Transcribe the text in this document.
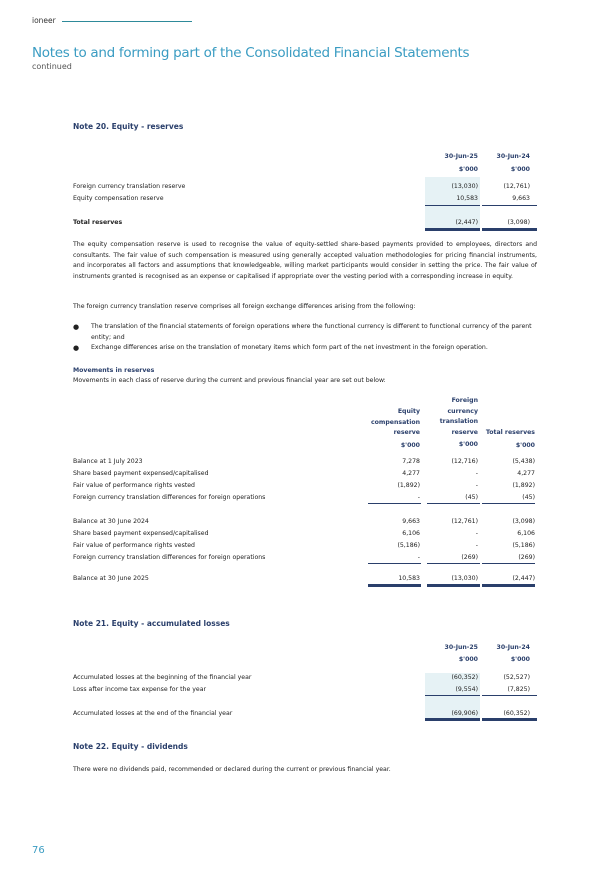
ioneer
Notes to and forming part of the Consolidated Financial Statements
continued
Note 20. Equity - reserves
30-Jun-25	30-Jun-24
$'000	$'000
Foreign currency translation reserve	(13,030)	(12,761)
Equity compensation reserve	10,583	9,663
Total reserves	(2,447)	(3,098)
The equity compensation reserve is used to recognise the value of equity-settled share-based payments provided to employees, directors and consultants. The fair value of such compensation is measured using generally accepted valuation methodologies for pricing financial instruments, and incorporates all factors and assumptions that knowledgeable, willing market participants would consider in setting the price. The fair value of instruments granted is recognised as an expense or capitalised if appropriate over the vesting period with a corresponding increase in equity.
The foreign currency translation reserve comprises all foreign exchange differences arising from the following:
● The translation of the financial statements of foreign operations where the functional currency is different to functional currency of the parent entity; and
● Exchange differences arise on the translation of monetary items which form part of the net investment in the foreign operation.
Movements in reserves
Movements in each class of reserve during the current and previous financial year are set out below:
Equity
compensation
reserve
$'000
Foreign
currency
translation
reserve
$'000
Total reserves
$'000
Balance at 1 July 2023	7,278	(12,716)	(5,438)
Share based payment expensed/capitalised	4,277	-	4,277
Fair value of performance rights vested	(1,892)	-	(1,892)
Foreign currency translation differences for foreign operations	-	(45)	(45)
Balance at 30 June 2024	9,663	(12,761)	(3,098)
Share based payment expensed/capitalised	6,106	-	6,106
Fair value of performance rights vested	(5,186)	-	(5,186)
Foreign currency translation differences for foreign operations	-	(269)	(269)
Balance at 30 June 2025	10,583	(13,030)	(2,447)
Note 21. Equity - accumulated losses
30-Jun-25	30-Jun-24
$'000	$'000
Accumulated losses at the beginning of the financial year	(60,352)	(52,527)
Loss after income tax expense for the year	(9,554)	(7,825)
Accumulated losses at the end of the financial year	(69,906)	(60,352)
Note 22. Equity - dividends
There were no dividends paid, recommended or declared during the current or previous financial year.
76
